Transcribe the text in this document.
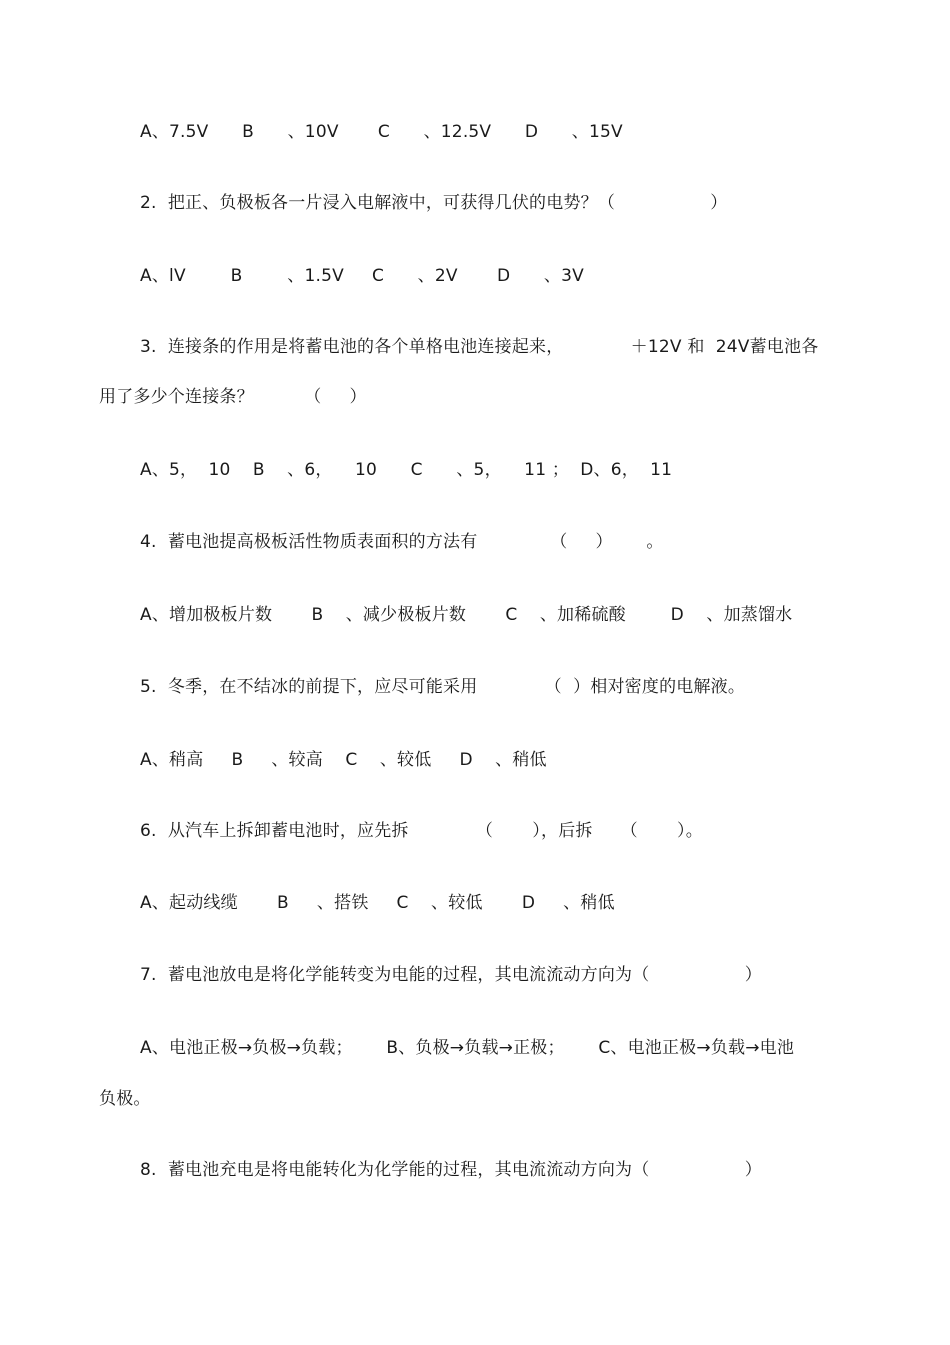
A、7.5V      B      、10V       C      、12.5V      D      、15V
2.  把正、负极板各一片浸入电解液中，可获得几伏的电势？（                 ）
A、lV        B        、1.5V     C      、2V       D      、3V
3.  连接条的作用是将蓄电池的各个单格电池连接起来，            ＋12V 和  24Ⅴ蓄电池各
用了多少个连接条？         （     ）
A、5，  10    B    、6，    10      C      、5，    11 ；  D、6，  11
4.  蓄电池提高极板活性物质表面积的方法有             （     ）      。
A、增加极板片数       B    、减少极板片数       C    、加稀硫酸        D    、加蒸馏水
5.  冬季，在不结冰的前提下，应尽可能采用            （  ）相对密度的电解液。
A、稍高     B     、较高    C    、较低     D    、稍低
6.  从汽车上拆卸蓄电池时，应先拆            （       ），后拆     （       ）。
A、起动线缆       B     、搭铁     C    、较低       D     、稍低
7.  蓄电池放电是将化学能转变为电能的过程，其电流流动方向为（                 ）
A、电池正极→负极→负载；      B、负极→负载→正极；      C、电池正极→负载→电池
负极。
8.  蓄电池充电是将电能转化为化学能的过程，其电流流动方向为（                 ）
